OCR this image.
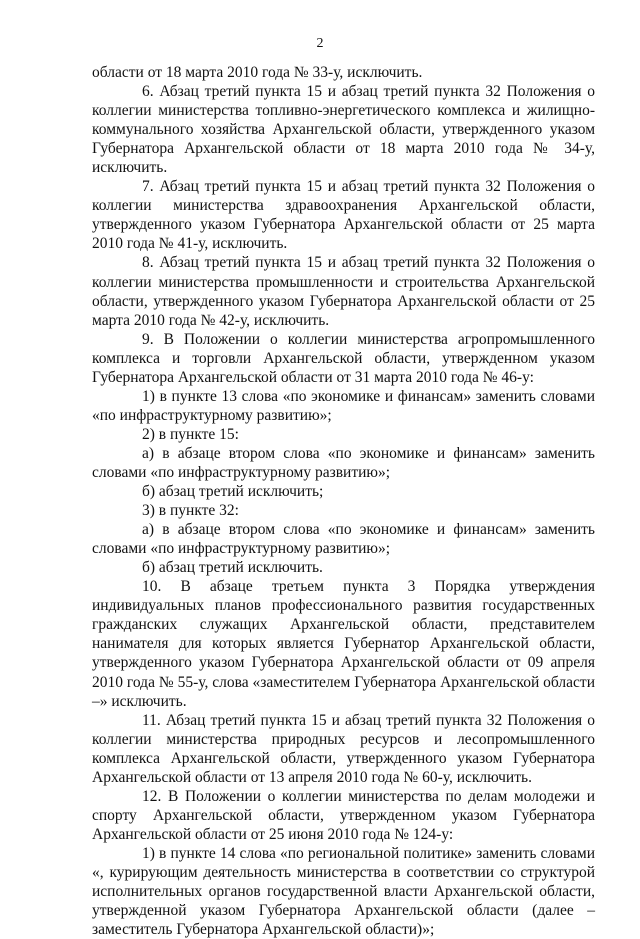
2

области от 18 марта 2010 года № 33-у, исключить.

6. Абзац третий пункта 15 и абзац третий пункта 32 Положения о коллегии министерства топливно-энергетического комплекса и жилищно-коммунального хозяйства Архангельской области, утвержденного указом Губернатора Архангельской области от 18 марта 2010 года № 34-у, исключить.

7. Абзац третий пункта 15 и абзац третий пункта 32 Положения о коллегии министерства здравоохранения Архангельской области, утвержденного указом Губернатора Архангельской области от 25 марта 2010 года № 41-у, исключить.

8. Абзац третий пункта 15 и абзац третий пункта 32 Положения о коллегии министерства промышленности и строительства Архангельской области, утвержденного указом Губернатора Архангельской области от 25 марта 2010 года № 42-у, исключить.

9. В Положении о коллегии министерства агропромышленного комплекса и торговли Архангельской области, утвержденном указом Губернатора Архангельской области от 31 марта 2010 года № 46-у:

1) в пункте 13 слова «по экономике и финансам» заменить словами «по инфраструктурному развитию»;

2) в пункте 15:

а) в абзаце втором слова «по экономике и финансам» заменить словами «по инфраструктурному развитию»;

б) абзац третий исключить;

3) в пункте 32:

а) в абзаце втором слова «по экономике и финансам» заменить словами «по инфраструктурному развитию»;

б) абзац третий исключить.

10. В абзаце третьем пункта 3 Порядка утверждения индивидуальных планов профессионального развития государственных гражданских служащих Архангельской области, представителем нанимателя для которых является Губернатор Архангельской области, утвержденного указом Губернатора Архангельской области от 09 апреля 2010 года № 55-у, слова «заместителем Губернатора Архангельской области –» исключить.

11. Абзац третий пункта 15 и абзац третий пункта 32 Положения о коллегии министерства природных ресурсов и лесопромышленного комплекса Архангельской области, утвержденного указом Губернатора Архангельской области от 13 апреля 2010 года № 60-у, исключить.

12. В Положении о коллегии министерства по делам молодежи и спорту Архангельской области, утвержденном указом Губернатора Архангельской области от 25 июня 2010 года № 124-у:

1) в пункте 14 слова «по региональной политике» заменить словами «, курирующим деятельность министерства в соответствии со структурой исполнительных органов государственной власти Архангельской области, утвержденной указом Губернатора Архангельской области (далее – заместитель Губернатора Архангельской области)»;
